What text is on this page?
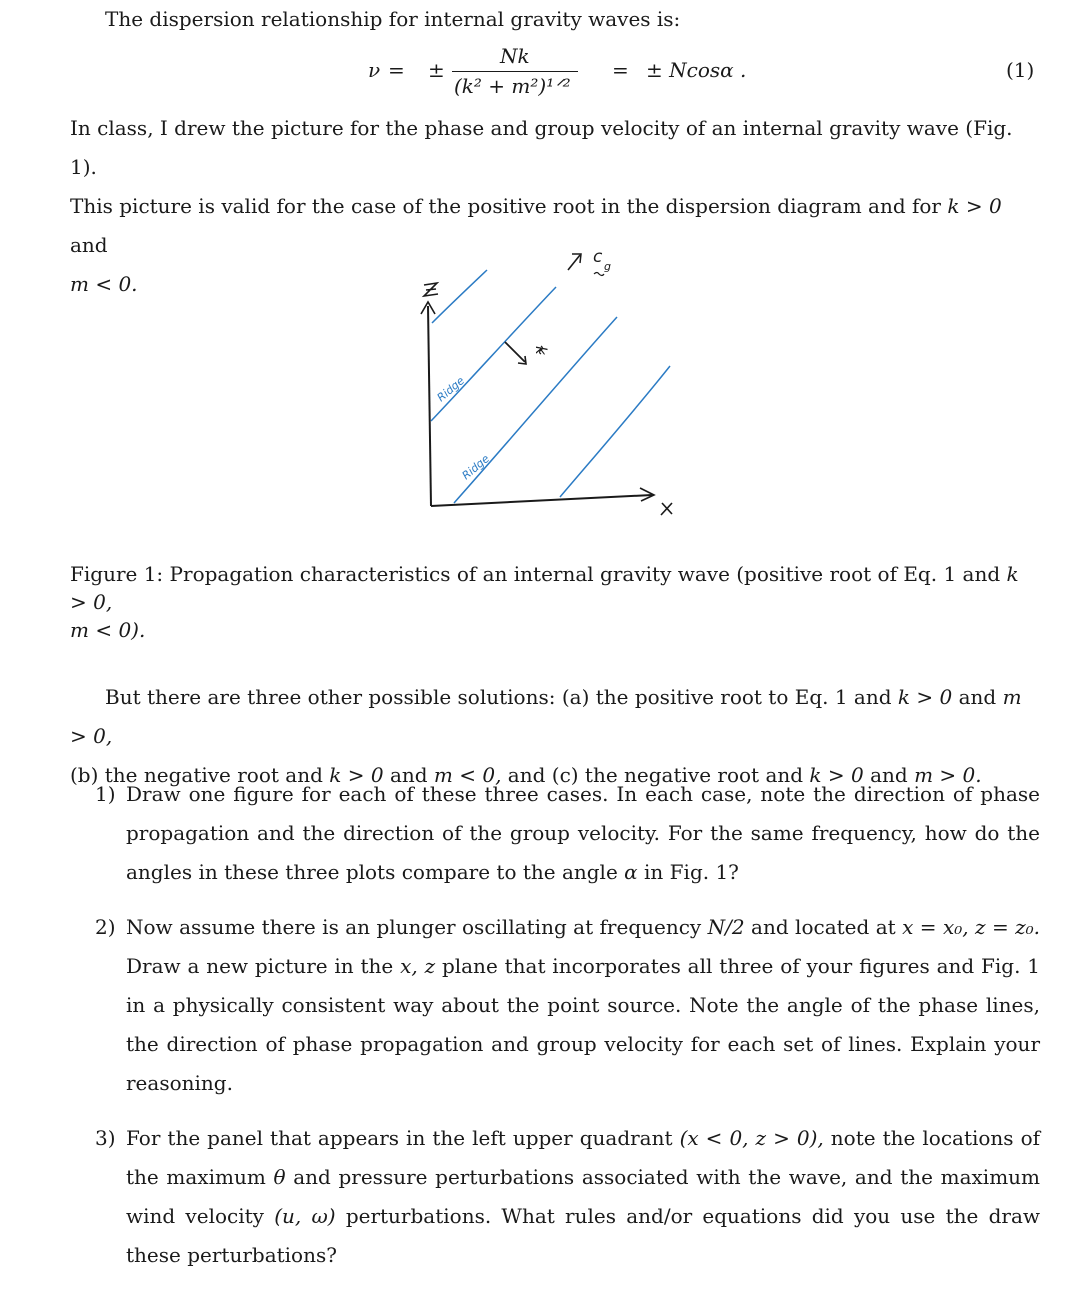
The dispersion relationship for internal gravity waves is:

ν = ±
Nk
(k² + m²)¹ᐟ²
= ± Ncosα .	(1)

In class, I drew the picture for the phase and group velocity of an internal gravity wave (Fig. 1).
This picture is valid for the case of the positive root in the dispersion diagram and for k > 0 and
m < 0.

Ridge
Ridge
k
c g

Figure 1: Propagation characteristics of an internal gravity wave (positive root of Eq. 1 and k > 0,
m < 0).

But there are three other possible solutions: (a) the positive root to Eq. 1 and k > 0 and m > 0,
(b) the negative root and k > 0 and m < 0, and (c) the negative root and k > 0 and m > 0.

1) Draw one figure for each of these three cases. In each case, note the direction of phase propagation and the direction of the group velocity. For the same frequency, how do the angles in these three plots compare to the angle α in Fig. 1?

2) Now assume there is an plunger oscillating at frequency N/2 and located at x = x₀, z = z₀. Draw a new picture in the x, z plane that incorporates all three of your figures and Fig. 1 in a physically consistent way about the point source. Note the angle of the phase lines, the direction of phase propagation and group velocity for each set of lines. Explain your reasoning.

3) For the panel that appears in the left upper quadrant (x < 0, z > 0), note the locations of the maximum θ and pressure perturbations associated with the wave, and the maximum wind velocity (u, ω) perturbations. What rules and/or equations did you use the draw these perturbations?
